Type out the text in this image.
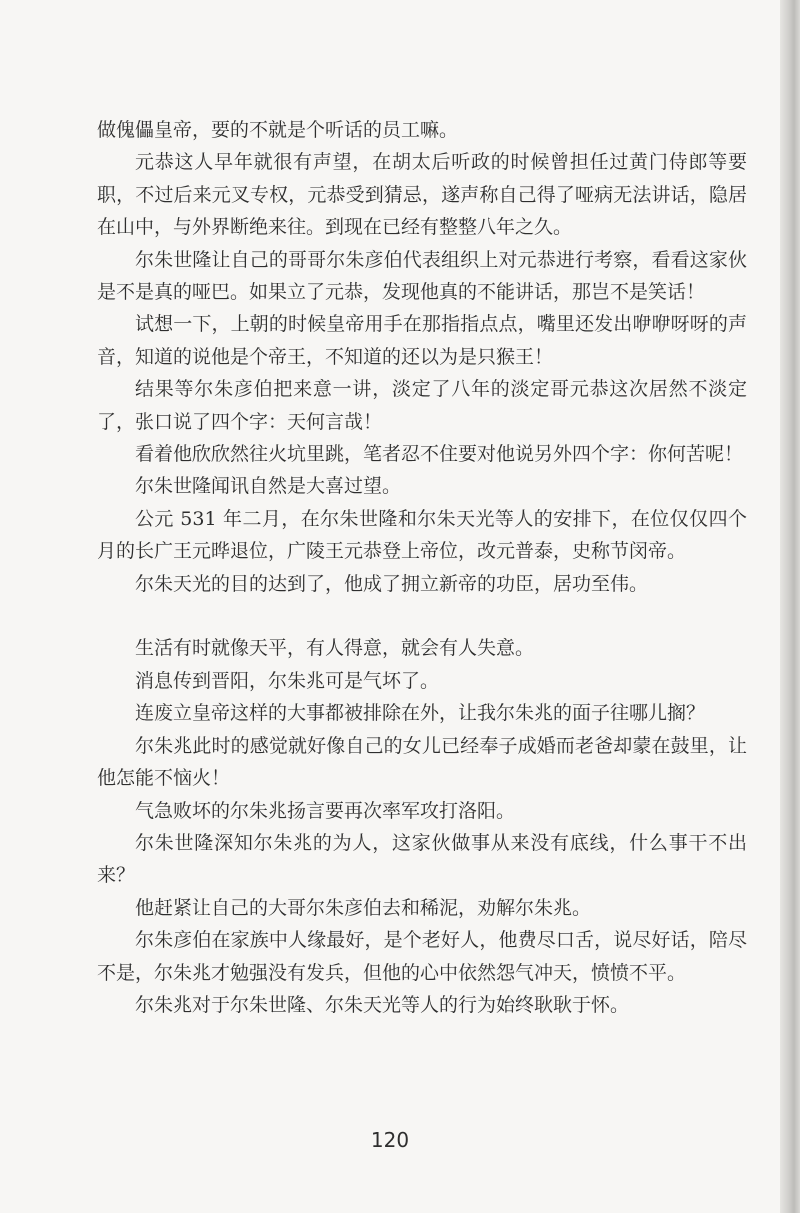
做傀儡皇帝，要的不就是个听话的员工嘛。

元恭这人早年就很有声望，在胡太后听政的时候曾担任过黄门侍郎等要职，不过后来元叉专权，元恭受到猜忌，遂声称自己得了哑病无法讲话，隐居在山中，与外界断绝来往。到现在已经有整整八年之久。

尔朱世隆让自己的哥哥尔朱彦伯代表组织上对元恭进行考察，看看这家伙是不是真的哑巴。如果立了元恭，发现他真的不能讲话，那岂不是笑话！

试想一下，上朝的时候皇帝用手在那指指点点，嘴里还发出咿咿呀呀的声音，知道的说他是个帝王，不知道的还以为是只猴王！

结果等尔朱彦伯把来意一讲，淡定了八年的淡定哥元恭这次居然不淡定了，张口说了四个字：天何言哉！

看着他欣欣然往火坑里跳，笔者忍不住要对他说另外四个字：你何苦呢！

尔朱世隆闻讯自然是大喜过望。

公元 531 年二月，在尔朱世隆和尔朱天光等人的安排下，在位仅仅四个月的长广王元晔退位，广陵王元恭登上帝位，改元普泰，史称节闵帝。

尔朱天光的目的达到了，他成了拥立新帝的功臣，居功至伟。

生活有时就像天平，有人得意，就会有人失意。

消息传到晋阳，尔朱兆可是气坏了。

连废立皇帝这样的大事都被排除在外，让我尔朱兆的面子往哪儿搁？

尔朱兆此时的感觉就好像自己的女儿已经奉子成婚而老爸却蒙在鼓里，让他怎能不恼火！

气急败坏的尔朱兆扬言要再次率军攻打洛阳。

尔朱世隆深知尔朱兆的为人，这家伙做事从来没有底线，什么事干不出来？

他赶紧让自己的大哥尔朱彦伯去和稀泥，劝解尔朱兆。

尔朱彦伯在家族中人缘最好，是个老好人，他费尽口舌，说尽好话，陪尽不是，尔朱兆才勉强没有发兵，但他的心中依然怨气冲天，愤愤不平。

尔朱兆对于尔朱世隆、尔朱天光等人的行为始终耿耿于怀。

120
